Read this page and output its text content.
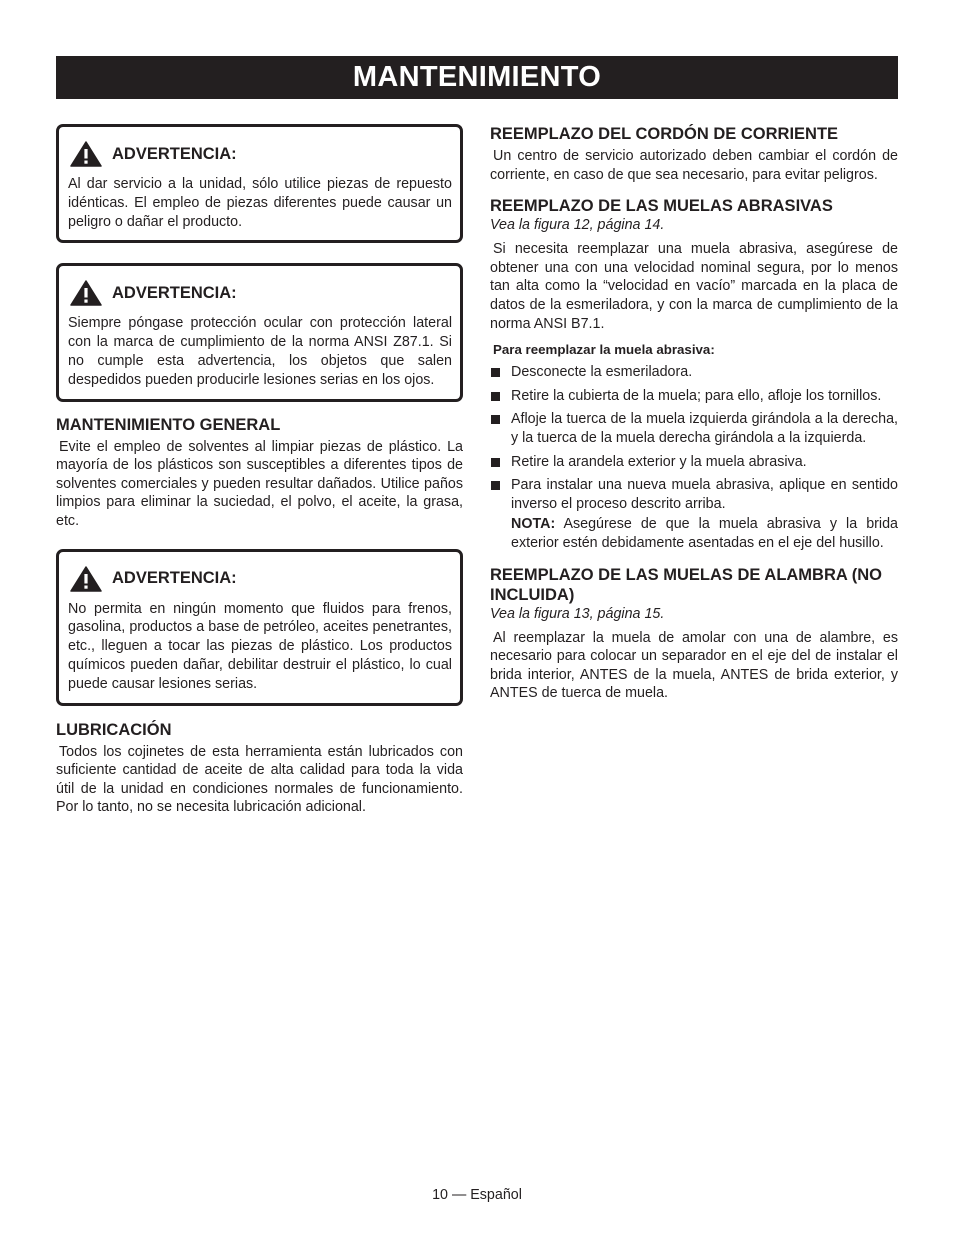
MANTENIMIENTO
ADVERTENCIA:
Al dar servicio a la unidad, sólo utilice piezas de repuesto idénticas. El empleo de piezas diferentes puede causar un peligro o dañar el producto.
ADVERTENCIA:
Siempre póngase protección ocular con protección lateral con la marca de cumplimiento de la norma ANSI Z87.1. Si no cumple esta advertencia, los objetos que salen despedidos pueden producirle lesiones serias en los ojos.
MANTENIMIENTO GENERAL

Evite el empleo de solventes al limpiar piezas de plástico. La mayoría de los plásticos son susceptibles a diferentes tipos de solventes comerciales y pueden resultar dañados. Utilice paños limpios para eliminar la suciedad, el polvo, el aceite, la grasa, etc.

ADVERTENCIA:
No permita en ningún momento que fluidos para frenos, gasolina, productos a base de petróleo, aceites penetrantes, etc., lleguen a tocar las piezas de plástico. Los productos químicos pueden dañar, debilitar destruir el plástico, lo cual puede causar lesiones serias.
LUBRICACIÓN

Todos los cojinetes de esta herramienta están lubricados con suficiente cantidad de aceite de alta calidad para toda la vida útil de la unidad en condiciones normales de funcionamiento. Por lo tanto, no se necesita lubricación adicional.

REEMPLAZO DEL CORDÓN DE CORRIENTE

Un centro de servicio autorizado deben cambiar el cordón de corriente, en caso de que sea necesario, para evitar peligros.

REEMPLAZO DE LAS MUELAS ABRASIVAS

Vea la figura 12, página 14.

Si necesita reemplazar una muela abrasiva, asegúrese de obtener una con una velocidad nominal segura, por lo menos tan alta como la “velocidad en vacío” marcada en la placa de datos de la esmeriladora, y con la marca de cumplimiento de la norma ANSI B7.1.

Para reemplazar la muela abrasiva:
Desconecte la esmeriladora.
Retire la cubierta de la muela; para ello, afloje los tornillos.
Afloje la tuerca de la muela izquierda girándola a la derecha, y la tuerca de la muela derecha girándola a la izquierda.
Retire la arandela exterior y la muela abrasiva.
Para instalar una nueva muela abrasiva, aplique en sentido inverso el proceso descrito arriba.

NOTA: Asegúrese de que la muela abrasiva y la brida exterior estén debidamente asentadas en el eje del husillo.

REEMPLAZO DE LAS MUELAS DE ALAMBRA (NO INCLUIDA)

Vea la figura 13, página 15.

Al reemplazar la muela de amolar con una de alambre, es necesario para colocar un separador en el eje del de instalar el brida interior, ANTES de la muela, ANTES de brida exterior, y ANTES de tuerca de muela.

10 — Español
